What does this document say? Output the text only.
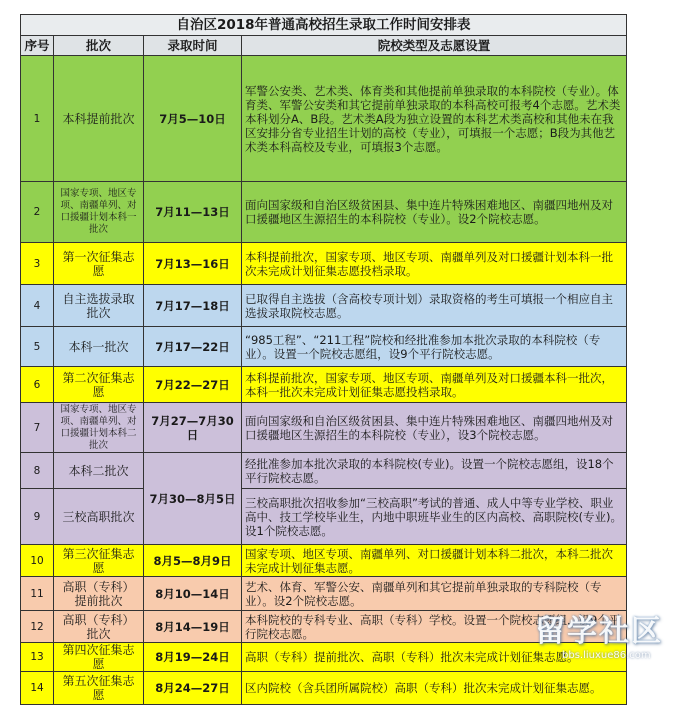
自治区2018年普通高校招生录取工作时间安排表			
序号	批次	录取时间	院校类型及志愿设置
1	本科提前批次	7月5—10日	军警公安类、艺术类、体育类和其他提前单独录取的本科院校（专业）。体育类、军警公安类和其它提前单独录取的本科高校可报考4个志愿。艺术类本科划分A、B段。艺术类A段为独立设置的本科艺术类高校和其他未在我区安排分省专业招生计划的高校（专业），可填报一个志愿；B段为其他艺术类本科高校及专业，可填报3个志愿。
2	国家专项、地区专项、南疆单列、对口援疆计划本科一批次	7月11—13日	面向国家级和自治区级贫困县、集中连片特殊困难地区、南疆四地州及对口援疆地区生源招生的本科院校（专业）。设2个院校志愿。
3	第一次征集志愿	7月13—16日	本科提前批次，国家专项、地区专项、南疆单列及对口援疆计划本科一批次未完成计划征集志愿投档录取。
4	自主选拔录取批次	7月17—18日	已取得自主选拔（含高校专项计划）录取资格的考生可填报一个相应自主选拔录取院校志愿。
5	本科一批次	7月17—22日	“985工程”、“211工程”院校和经批准参加本批次录取的本科院校（专业）。设置一个院校志愿组，设9个平行院校志愿。
6	第二次征集志愿	7月22—27日	本科提前批次，国家专项、地区专项、南疆单列及对口援疆本科一批次，本科一批次未完成计划征集志愿投档录取。
7	国家专项、地区专项、南疆单列、对口援疆计划本科二批次	7月27—7月30日	面向国家级和自治区级贫困县、集中连片特殊困难地区、南疆四地州及对口援疆地区生源招生的本科院校（专业），设3个院校志愿。
8	本科二批次	7月30—8月5日	经批准参加本批次录取的本科院校(专业)。设置一个院校志愿组，设18个平行院校志愿。
9	三校高职批次		三校高职批次招收参加“三校高职”考试的普通、成人中等专业学校、职业高中、技工学校毕业生，内地中职班毕业生的区内高校、高职院校(专业)。设1个院校志愿。
10	第三次征集志愿	8月5—8月9日	国家专项、地区专项、南疆单列、对口援疆计划本科二批次，本科二批次未完成计划征集志愿。
11	高职（专科）提前批次	8月10—14日	艺术、体育、军警公安、南疆单列和其它提前单独录取的专科院校（专业）。设2个院校志愿。
12	高职（专科）批次	8月14—19日	本科院校的专科专业、高职（专科）学校。设置一个院校志愿组，设9个平行院校志愿。
13	第四次征集志愿	8月19—24日	高职（专科）提前批次、高职（专科）批次未完成计划征集志愿。
14	第五次征集志愿	8月24—27日	区内院校（含兵团所属院校）高职（专科）批次未完成计划征集志愿。
留学社区
bbs.liuxue86.com
